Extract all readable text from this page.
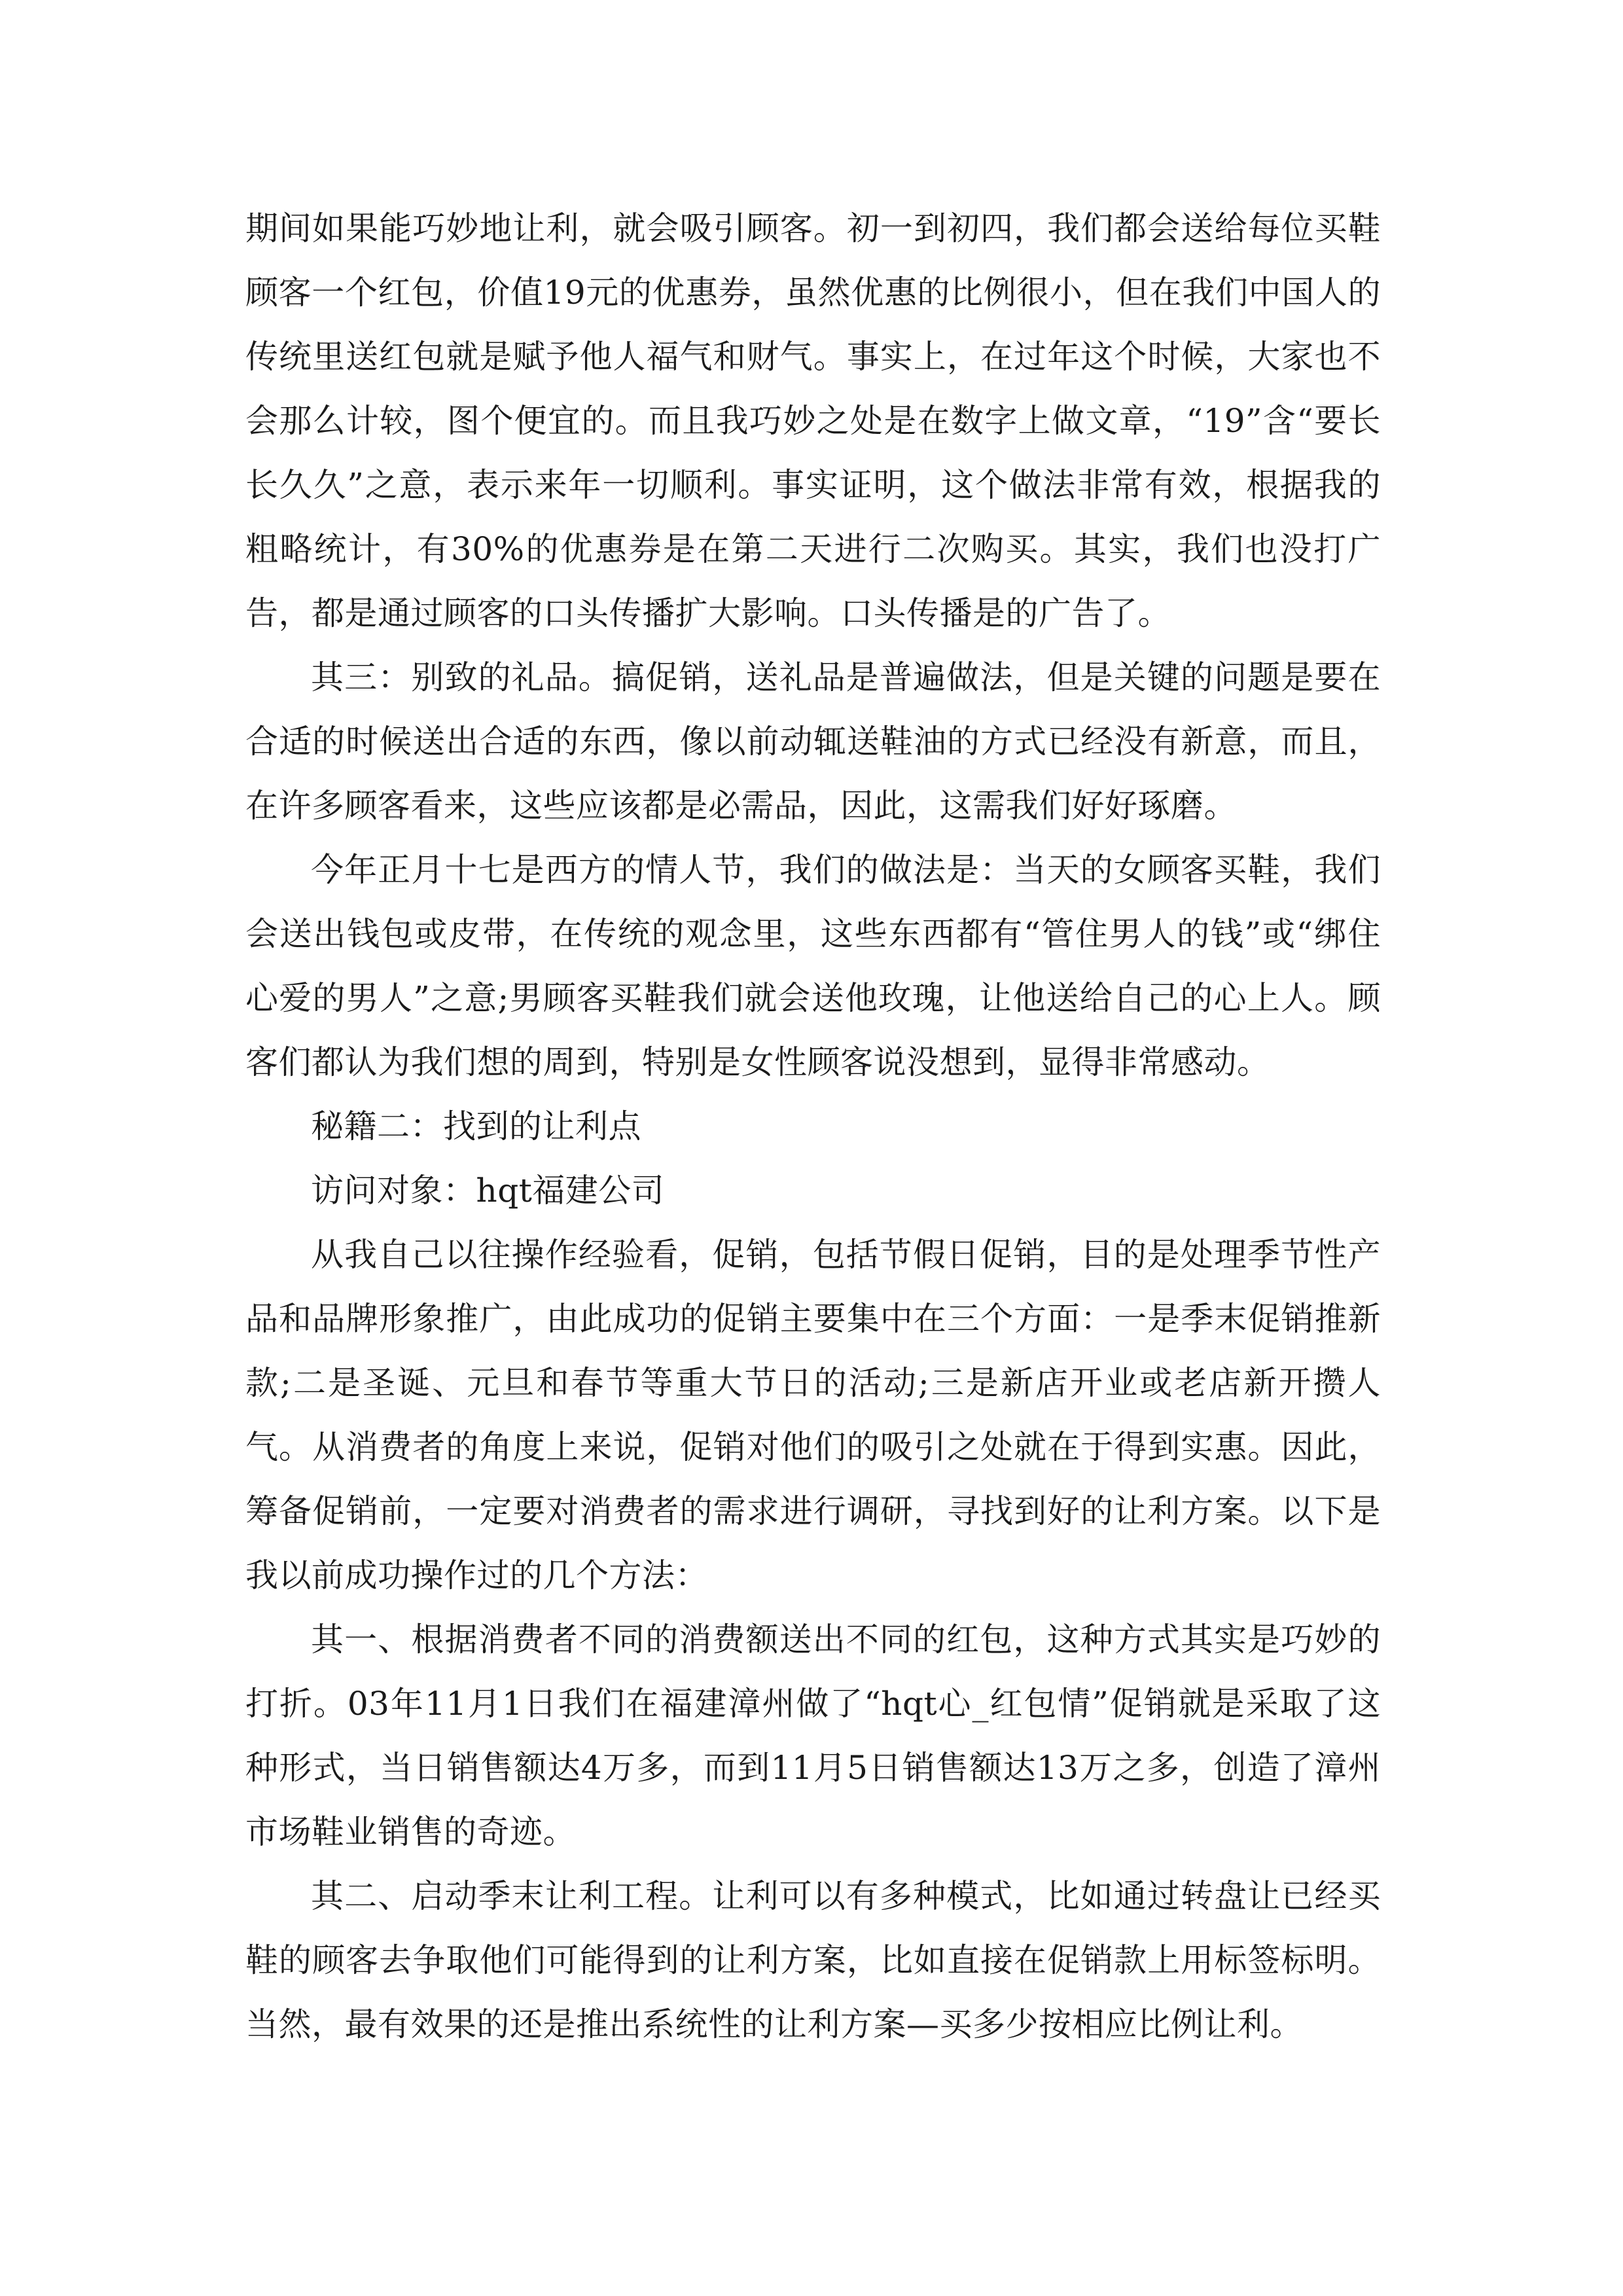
期间如果能巧妙地让利，就会吸引顾客。初一到初四，我们都会送给每位买鞋顾客一个红包，价值19元的优惠券，虽然优惠的比例很小，但在我们中国人的传统里送红包就是赋予他人福气和财气。事实上，在过年这个时候，大家也不会那么计较，图个便宜的。而且我巧妙之处是在数字上做文章，“19”含“要长长久久”之意，表示来年一切顺利。事实证明，这个做法非常有效，根据我的粗略统计，有30%的优惠券是在第二天进行二次购买。其实，我们也没打广告，都是通过顾客的口头传播扩大影响。口头传播是的广告了。

其三：别致的礼品。搞促销，送礼品是普遍做法，但是关键的问题是要在合适的时候送出合适的东西，像以前动辄送鞋油的方式已经没有新意，而且，在许多顾客看来，这些应该都是必需品，因此，这需我们好好琢磨。

今年正月十七是西方的情人节，我们的做法是：当天的女顾客买鞋，我们会送出钱包或皮带，在传统的观念里，这些东西都有“管住男人的钱”或“绑住心爱的男人”之意;男顾客买鞋我们就会送他玫瑰，让他送给自己的心上人。顾客们都认为我们想的周到，特别是女性顾客说没想到，显得非常感动。

秘籍二：找到的让利点

访问对象：hqt福建公司

从我自己以往操作经验看，促销，包括节假日促销，目的是处理季节性产品和品牌形象推广，由此成功的促销主要集中在三个方面：一是季末促销推新款;二是圣诞、元旦和春节等重大节日的活动;三是新店开业或老店新开攒人气。从消费者的角度上来说，促销对他们的吸引之处就在于得到实惠。因此，筹备促销前，一定要对消费者的需求进行调研，寻找到好的让利方案。以下是我以前成功操作过的几个方法：

其一、根据消费者不同的消费额送出不同的红包，这种方式其实是巧妙的打折。03年11月1日我们在福建漳州做了“hqt心_红包情”促销就是采取了这种形式，当日销售额达4万多，而到11月5日销售额达13万之多，创造了漳州市场鞋业销售的奇迹。

其二、启动季末让利工程。让利可以有多种模式，比如通过转盘让已经买鞋的顾客去争取他们可能得到的让利方案，比如直接在促销款上用标签标明。当然，最有效果的还是推出系统性的让利方案—买多少按相应比例让利。
